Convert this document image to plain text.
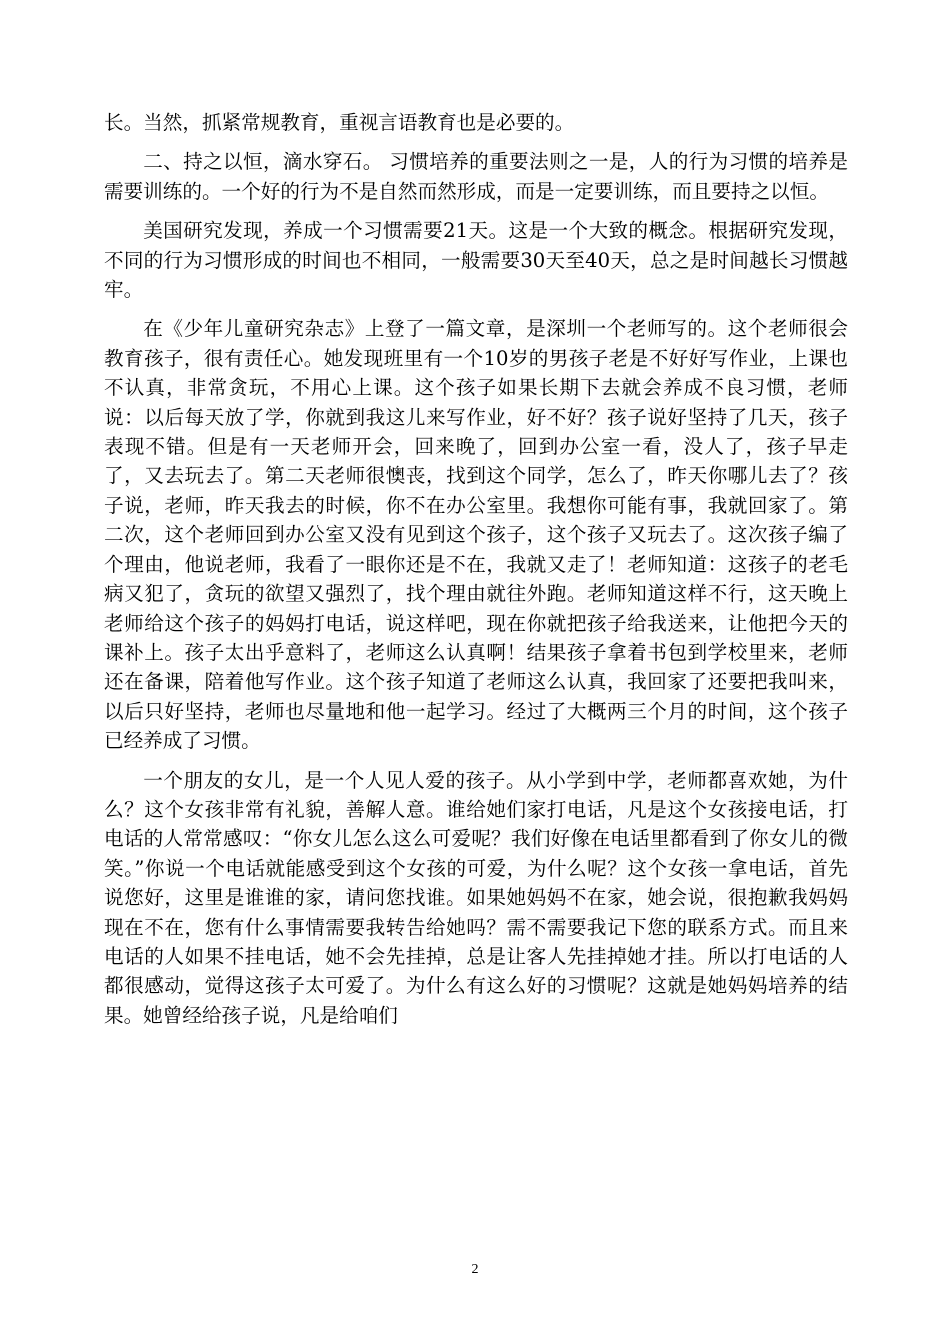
长。当然，抓紧常规教育，重视言语教育也是必要的。

二、持之以恒，滴水穿石。 习惯培养的重要法则之一是，人的行为习惯的培养是需要训练的。一个好的行为不是自然而然形成，而是一定要训练，而且要持之以恒。

美国研究发现，养成一个习惯需要21天。这是一个大致的概念。根据研究发现，不同的行为习惯形成的时间也不相同，一般需要30天至40天，总之是时间越长习惯越牢。

在《少年儿童研究杂志》上登了一篇文章，是深圳一个老师写的。这个老师很会教育孩子，很有责任心。她发现班里有一个10岁的男孩子老是不好好写作业，上课也不认真，非常贪玩，不用心上课。这个孩子如果长期下去就会养成不良习惯，老师说：以后每天放了学，你就到我这儿来写作业，好不好？孩子说好坚持了几天，孩子表现不错。但是有一天老师开会，回来晚了，回到办公室一看，没人了，孩子早走了，又去玩去了。第二天老师很懊丧，找到这个同学，怎么了，昨天你哪儿去了？孩子说，老师，昨天我去的时候，你不在办公室里。我想你可能有事，我就回家了。第二次，这个老师回到办公室又没有见到这个孩子，这个孩子又玩去了。这次孩子编了个理由，他说老师，我看了一眼你还是不在，我就又走了！老师知道：这孩子的老毛病又犯了，贪玩的欲望又强烈了，找个理由就往外跑。老师知道这样不行，这天晚上老师给这个孩子的妈妈打电话，说这样吧，现在你就把孩子给我送来，让他把今天的课补上。孩子太出乎意料了，老师这么认真啊！结果孩子拿着书包到学校里来，老师还在备课，陪着他写作业。这个孩子知道了老师这么认真，我回家了还要把我叫来，以后只好坚持，老师也尽量地和他一起学习。经过了大概两三个月的时间，这个孩子已经养成了习惯。

一个朋友的女儿，是一个人见人爱的孩子。从小学到中学，老师都喜欢她，为什么？这个女孩非常有礼貌，善解人意。谁给她们家打电话，凡是这个女孩接电话，打电话的人常常感叹：“你女儿怎么这么可爱呢？我们好像在电话里都看到了你女儿的微笑。”你说一个电话就能感受到这个女孩的可爱，为什么呢？这个女孩一拿电话，首先说您好，这里是谁谁的家，请问您找谁。如果她妈妈不在家，她会说，很抱歉我妈妈现在不在，您有什么事情需要我转告给她吗？需不需要我记下您的联系方式。而且来电话的人如果不挂电话，她不会先挂掉，总是让客人先挂掉她才挂。所以打电话的人都很感动，觉得这孩子太可爱了。为什么有这么好的习惯呢？这就是她妈妈培养的结果。她曾经给孩子说，凡是给咱们

2
